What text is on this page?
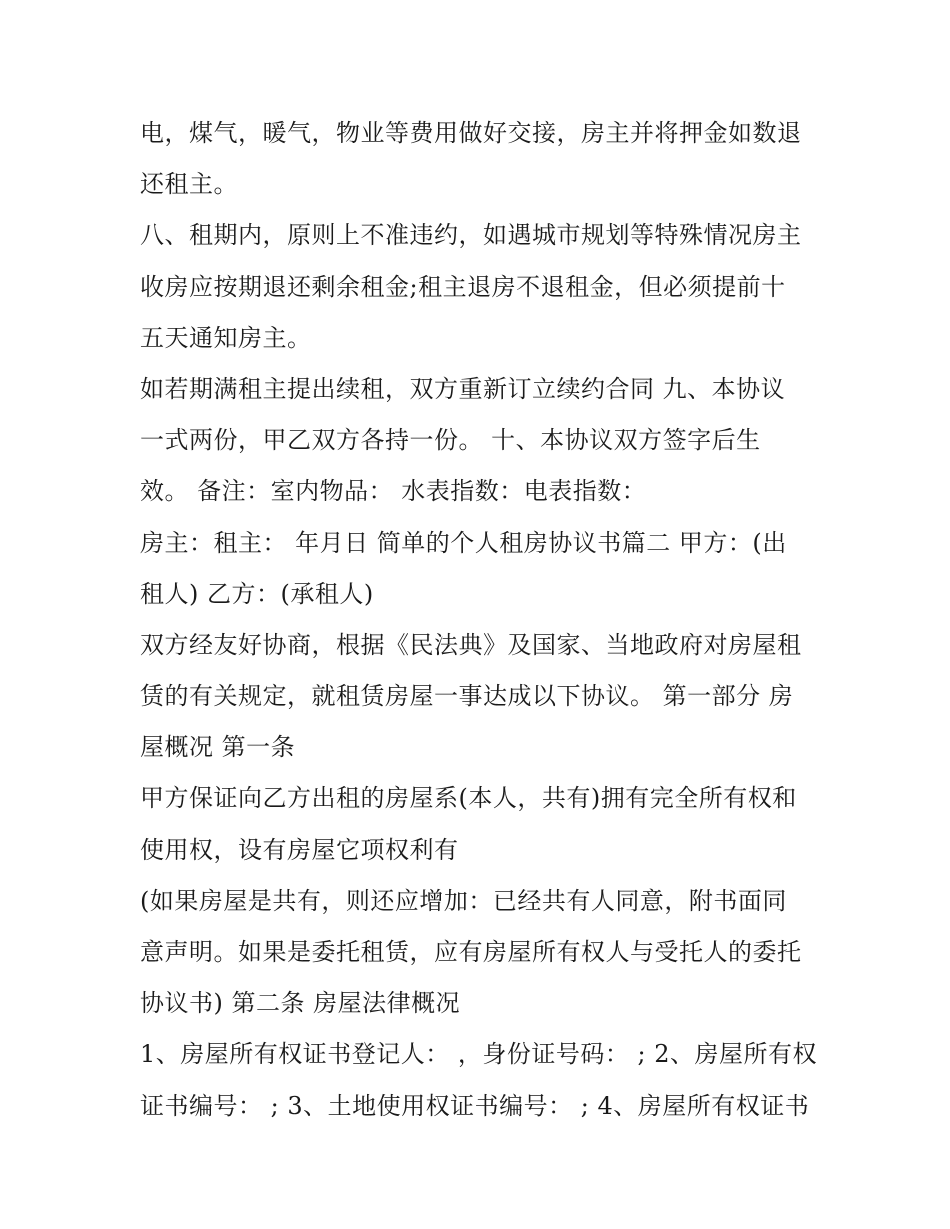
电，煤气，暖气，物业等费用做好交接，房主并将押金如数退
还租主。
八、租期内，原则上不准违约，如遇城市规划等特殊情况房主
收房应按期退还剩余租金;租主退房不退租金，但必须提前十
五天通知房主。
如若期满租主提出续租，双方重新订立续约合同 九、本协议
一式两份，甲乙双方各持一份。 十、本协议双方签字后生
效。 备注：室内物品： 水表指数：电表指数：
房主：租主： 年月日 简单的个人租房协议书篇二 甲方：(出
租人) 乙方：(承租人)
双方经友好协商，根据《民法典》及国家、当地政府对房屋租
赁的有关规定，就租赁房屋一事达成以下协议。 第一部分 房
屋概况 第一条
甲方保证向乙方出租的房屋系(本人，共有)拥有完全所有权和
使用权，设有房屋它项权利有
(如果房屋是共有，则还应增加：已经共有人同意，附书面同
意声明。如果是委托租赁，应有房屋所有权人与受托人的委托
协议书) 第二条 房屋法律概况
1、房屋所有权证书登记人： ，身份证号码： ; 2、房屋所有权
证书编号： ; 3、土地使用权证书编号： ; 4、房屋所有权证书
